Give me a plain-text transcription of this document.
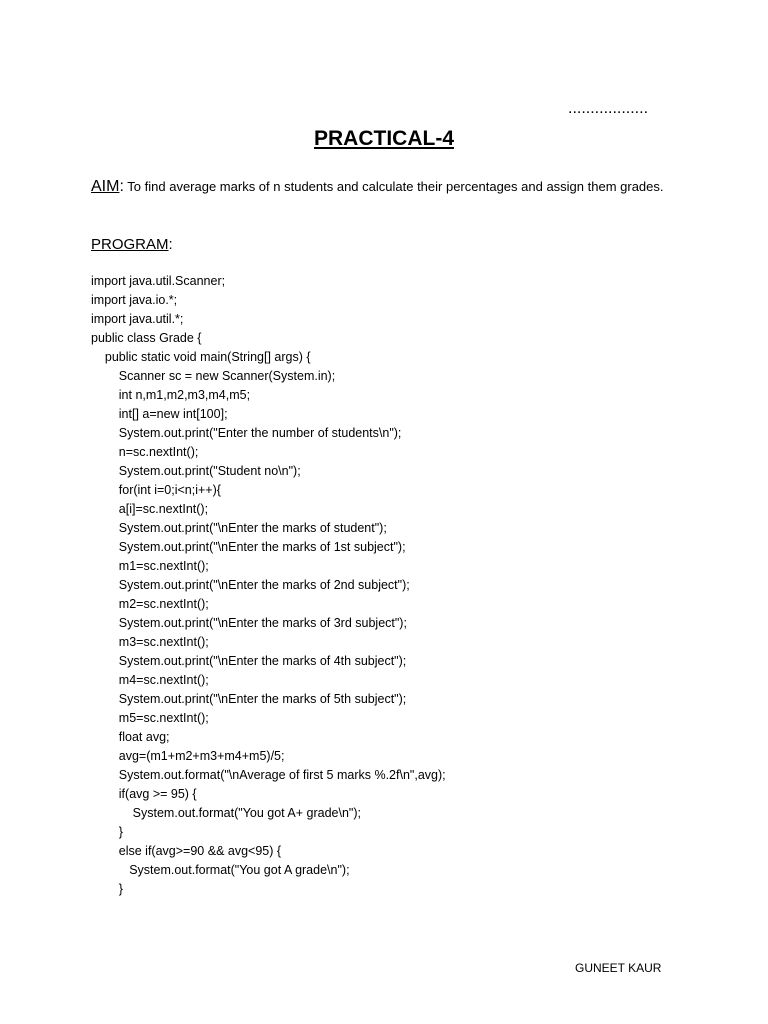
..................
PRACTICAL-4
AIM: To find average marks of n students and calculate their percentages and assign them grades.
PROGRAM:
import java.util.Scanner;
import java.io.*;
import java.util.*;
public class Grade {
public static void main(String[] args) {
Scanner sc = new Scanner(System.in);
int n,m1,m2,m3,m4,m5;
int[] a=new int[100];
System.out.print("Enter the number of students\n");
n=sc.nextInt();
System.out.print("Student no\n");
for(int i=0;i<n;i++){
a[i]=sc.nextInt();
System.out.print("\nEnter the marks of student");
System.out.print("\nEnter the marks of 1st subject");
m1=sc.nextInt();
System.out.print("\nEnter the marks of 2nd subject");
m2=sc.nextInt();
System.out.print("\nEnter the marks of 3rd subject");
m3=sc.nextInt();
System.out.print("\nEnter the marks of 4th subject");
m4=sc.nextInt();
System.out.print("\nEnter the marks of 5th subject");
m5=sc.nextInt();
float avg;
avg=(m1+m2+m3+m4+m5)/5;
System.out.format("\nAverage of first 5 marks %.2f\n",avg);
if(avg >= 95) {
System.out.format("You got A+ grade\n");
}
else if(avg>=90 && avg<95) {
System.out.format("You got A grade\n");
}
GUNEET KAUR
